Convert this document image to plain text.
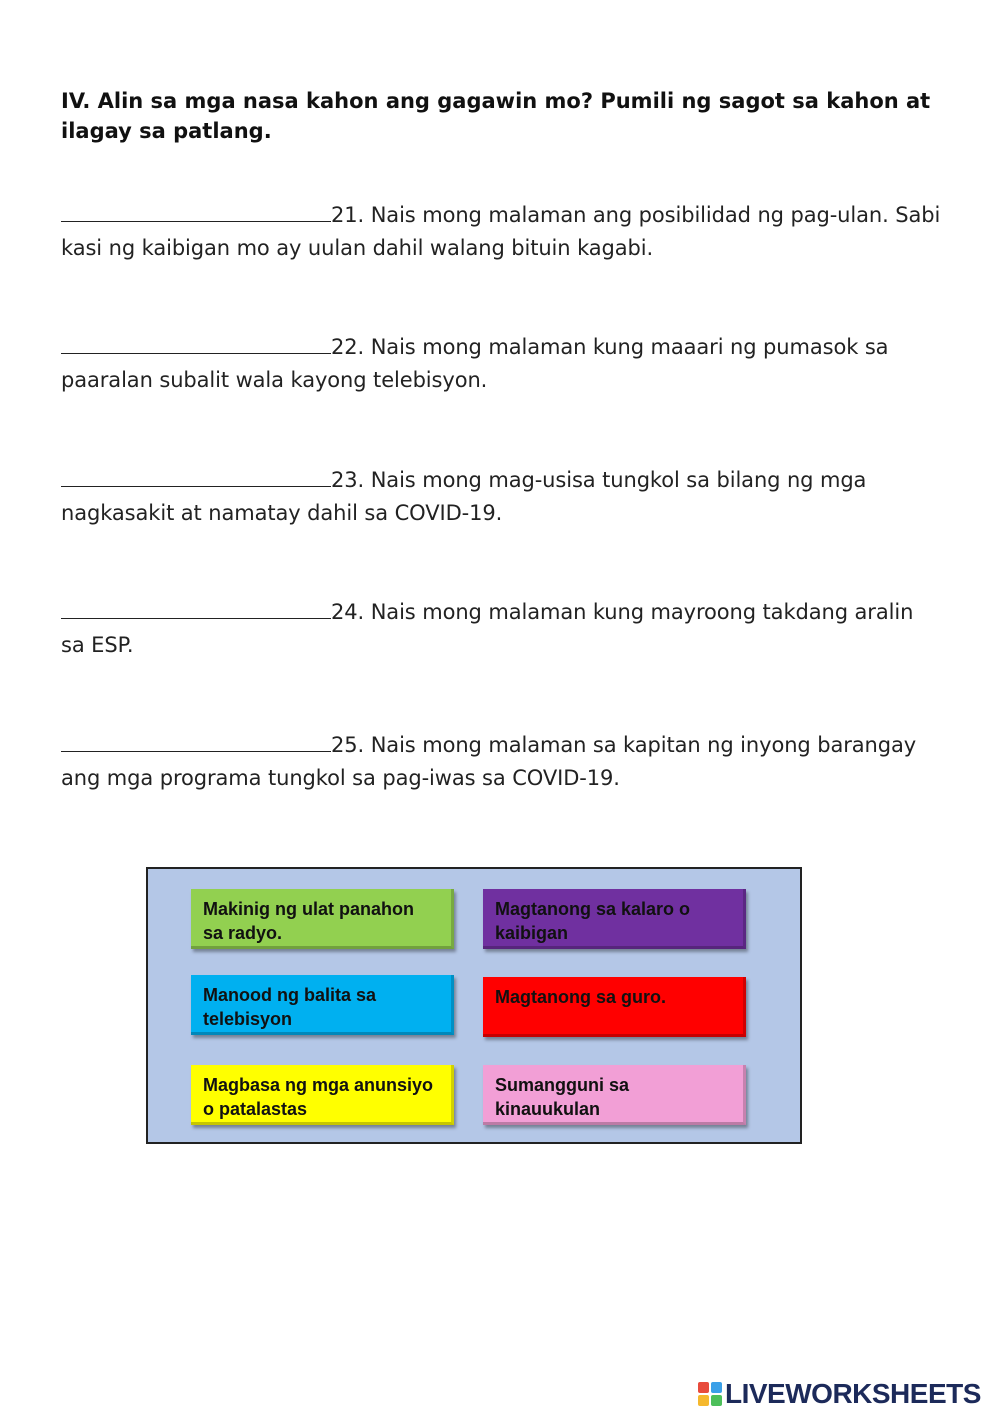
IV. Alin sa mga nasa kahon ang gagawin mo? Pumili ng sagot sa kahon at ilagay sa patlang.
21. Nais mong malaman ang posibilidad ng pag-ulan. Sabi kasi ng kaibigan mo ay uulan dahil walang bituin kagabi.
22. Nais mong malaman kung maaari ng pumasok sa paaralan subalit wala kayong telebisyon.
23. Nais mong mag-usisa tungkol sa bilang ng mga nagkasakit at namatay dahil sa COVID-19.
24. Nais mong malaman kung mayroong takdang aralin sa ESP.
25. Nais mong malaman sa kapitan ng inyong barangay ang mga programa tungkol sa pag-iwas sa COVID-19.
Makinig ng ulat panahon sa radyo.
Magtanong sa kalaro o kaibigan
Manood ng balita sa telebisyon
Magtanong sa guro.
Magbasa ng mga anunsiyo o patalastas
Sumangguni sa kinauukulan
LIVEWORKSHEETS
